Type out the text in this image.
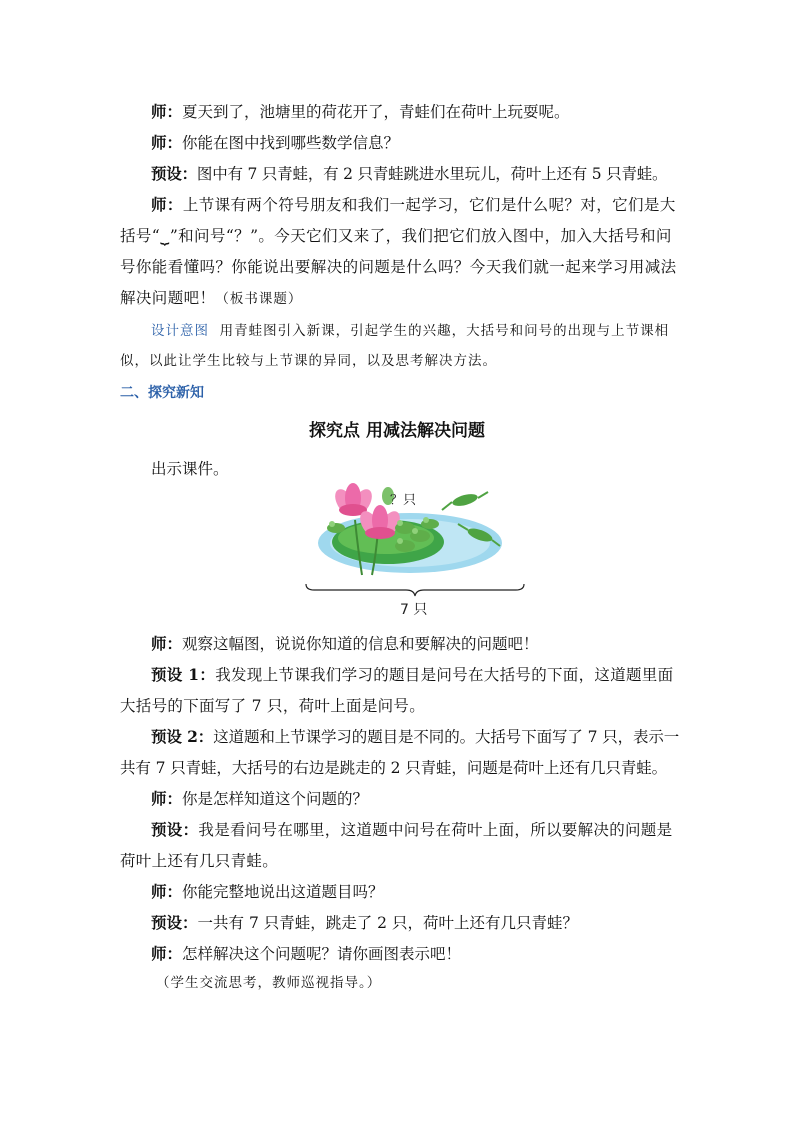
师：夏天到了，池塘里的荷花开了，青蛙们在荷叶上玩耍呢。

师：你能在图中找到哪些数学信息？

预设：图中有 7 只青蛙，有 2 只青蛙跳进水里玩儿，荷叶上还有 5 只青蛙。

师：上节课有两个符号朋友和我们一起学习，它们是什么呢？对，它们是大括号“⏟”和问号“？”。今天它们又来了，我们把它们放入图中，加入大括号和问号你能看懂吗？你能说出要解决的问题是什么吗？今天我们就一起来学习用减法解决问题吧！（板书课题）

设计意图 用青蛙图引入新课，引起学生的兴趣，大括号和问号的出现与上节课相似，以此让学生比较与上节课的异同，以及思考解决方法。

二、探究新知
探究点 用减法解决问题

出示课件。

？只
7 只

师：观察这幅图，说说你知道的信息和要解决的问题吧！

预设 1：我发现上节课我们学习的题目是问号在大括号的下面，这道题里面大括号的下面写了 7 只，荷叶上面是问号。

预设 2：这道题和上节课学习的题目是不同的。大括号下面写了 7 只，表示一共有 7 只青蛙，大括号的右边是跳走的 2 只青蛙，问题是荷叶上还有几只青蛙。

师：你是怎样知道这个问题的？

预设：我是看问号在哪里，这道题中问号在荷叶上面，所以要解决的问题是荷叶上还有几只青蛙。

师：你能完整地说出这道题目吗？

预设：一共有 7 只青蛙，跳走了 2 只，荷叶上还有几只青蛙？

师：怎样解决这个问题呢？请你画图表示吧！

（学生交流思考，教师巡视指导。）
